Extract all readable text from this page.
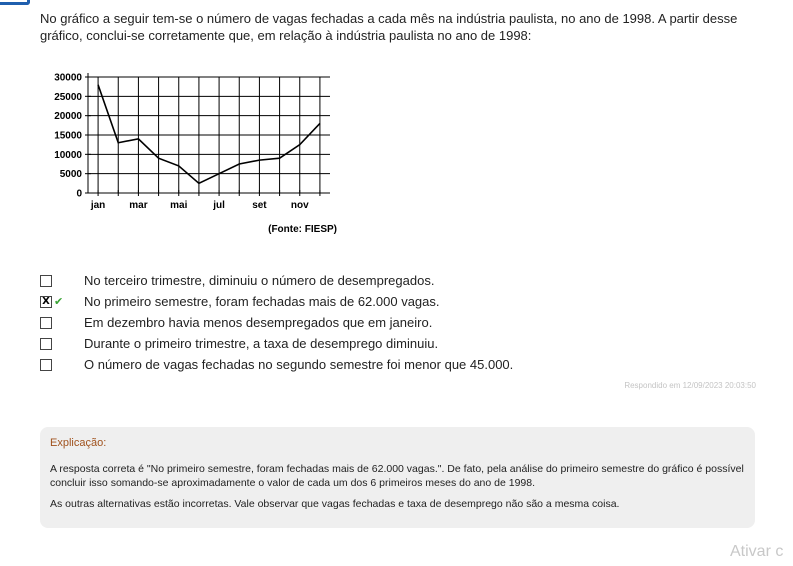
No gráfico a seguir tem-se o número de vagas fechadas a cada mês na indústria paulista, no ano de 1998. A partir desse gráfico, conclui-se corretamente que, em relação à indústria paulista no ano de 1998:
30000
25000
20000
15000
10000
5000
0
jan mar mai	jul	set nov
(Fonte: FIESP)
No terceiro trimestre, diminuiu o número de desempregados.
X ✔ No primeiro semestre, foram fechadas mais de 62.000 vagas.
Em dezembro havia menos desempregados que em janeiro.
Durante o primeiro trimestre, a taxa de desemprego diminuiu.
O número de vagas fechadas no segundo semestre foi menor que 45.000.
Respondido em 12/09/2023 20:03:50
Explicação:

A resposta correta é "No primeiro semestre, foram fechadas mais de 62.000 vagas.". De fato, pela análise do primeiro semestre do gráfico é possível concluir isso somando-se aproximadamente o valor de cada um dos 6 primeiros meses do ano de 1998.

As outras alternativas estão incorretas. Vale observar que vagas fechadas e taxa de desemprego não são a mesma coisa.

Ativar c
